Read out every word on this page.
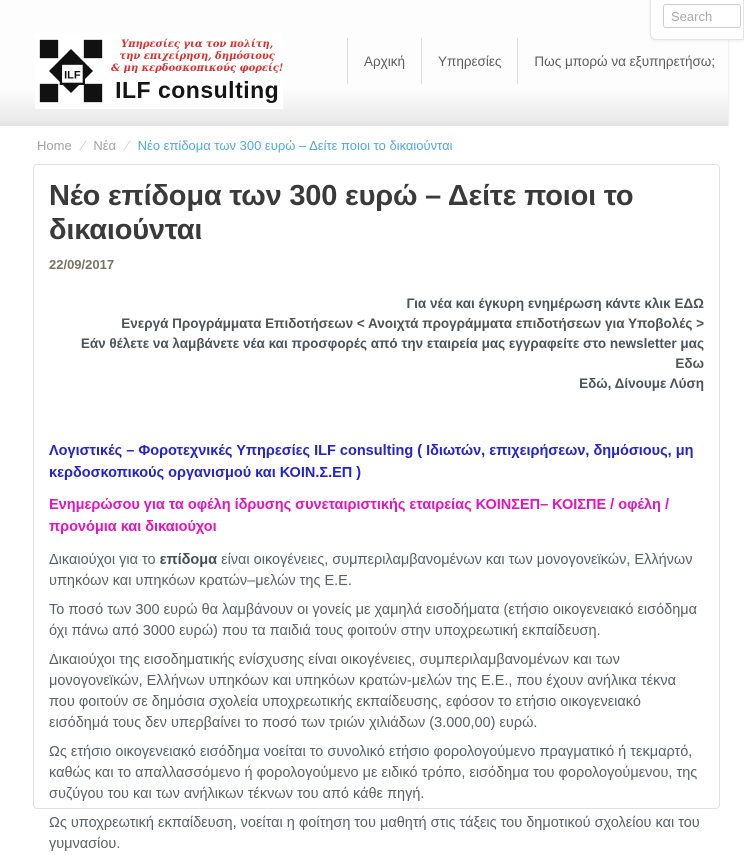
ILF
Υπηρεσίες για τον πολίτη,
την επιχείρηση, δημόσιους
& μη κερδοσκοπικούς φορείς!
ILF consulting
Αρχική	Υπηρεσίες	Πως μπορώ να εξυπηρετήσω;
Search
Home / Νέα / Νέο επίδομα των 300 ευρώ – Δείτε ποιοι το δικαιούνται
Νέο επίδομα των 300 ευρώ – Δείτε ποιοι το δικαιούνται
22/09/2017

Για νέα και έγκυρη ενημέρωση κάντε κλικ ΕΔΩ

Ενεργά Προγράμματα Επιδοτήσεων < Ανοιχτά προγράμματα επιδοτήσεων για Υποβολές >

Εάν θέλετε να λαμβάνετε νέα και προσφορές από την εταιρεία μας εγγραφείτε στο newsletter μας Εδω

Εδώ, Δίνουμε Λύση

Λογιστικές – Φοροτεχνικές Υπηρεσίες ILF consulting ( Ιδιωτών, επιχειρήσεων, δημόσιους, μη κερδοσκοπικούς οργανισμού και ΚΟΙΝ.Σ.ΕΠ )

Ενημερώσου για τα οφέλη ίδρυσης συνεταιριστικής εταιρείας ΚΟΙΝΣΕΠ– ΚΟΙΣΠΕ / οφέλη / προνόμια και δικαιούχοι

Δικαιούχοι για το επίδομα είναι οικογένειες, συμπεριλαμβανομένων και των μονογονεϊκών, Ελλήνων υπηκόων και υπηκόων κρατών–μελών της Ε.Ε.

Το ποσό των 300 ευρώ θα λαμβάνουν οι γονείς με χαμηλά εισοδήματα (ετήσιο οικογενειακό εισόδημα όχι πάνω από 3000 ευρώ) που τα παιδιά τους φοιτούν στην υποχρεωτική εκπαίδευση.

Δικαιούχοι της εισοδηματικής ενίσχυσης είναι οικογένειες, συμπεριλαμβανομένων και των μονογονεϊκών, Ελλήνων υπηκόων και υπηκόων κρατών-μελών της Ε.Ε., που έχουν ανήλικα τέκνα που φοιτούν σε δημόσια σχολεία υποχρεωτικής εκπαίδευσης, εφόσον το ετήσιο οικογενειακό εισόδημά τους δεν υπερβαίνει το ποσό των τριών χιλιάδων (3.000,00) ευρώ.

Ως ετήσιο οικογενειακό εισόδημα νοείται το συνολικό ετήσιο φορολογούμενο πραγματικό ή τεκμαρτό, καθώς και το απαλλασσόμενο ή φορολογούμενο με ειδικό τρόπο, εισόδημα του φορολογούμενου, της συζύγου του και των ανήλικων τέκνων του από κάθε πηγή.

Ως υποχρεωτική εκπαίδευση, νοείται η φοίτηση του μαθητή στις τάξεις του δημοτικού σχολείου και του γυμνασίου.
